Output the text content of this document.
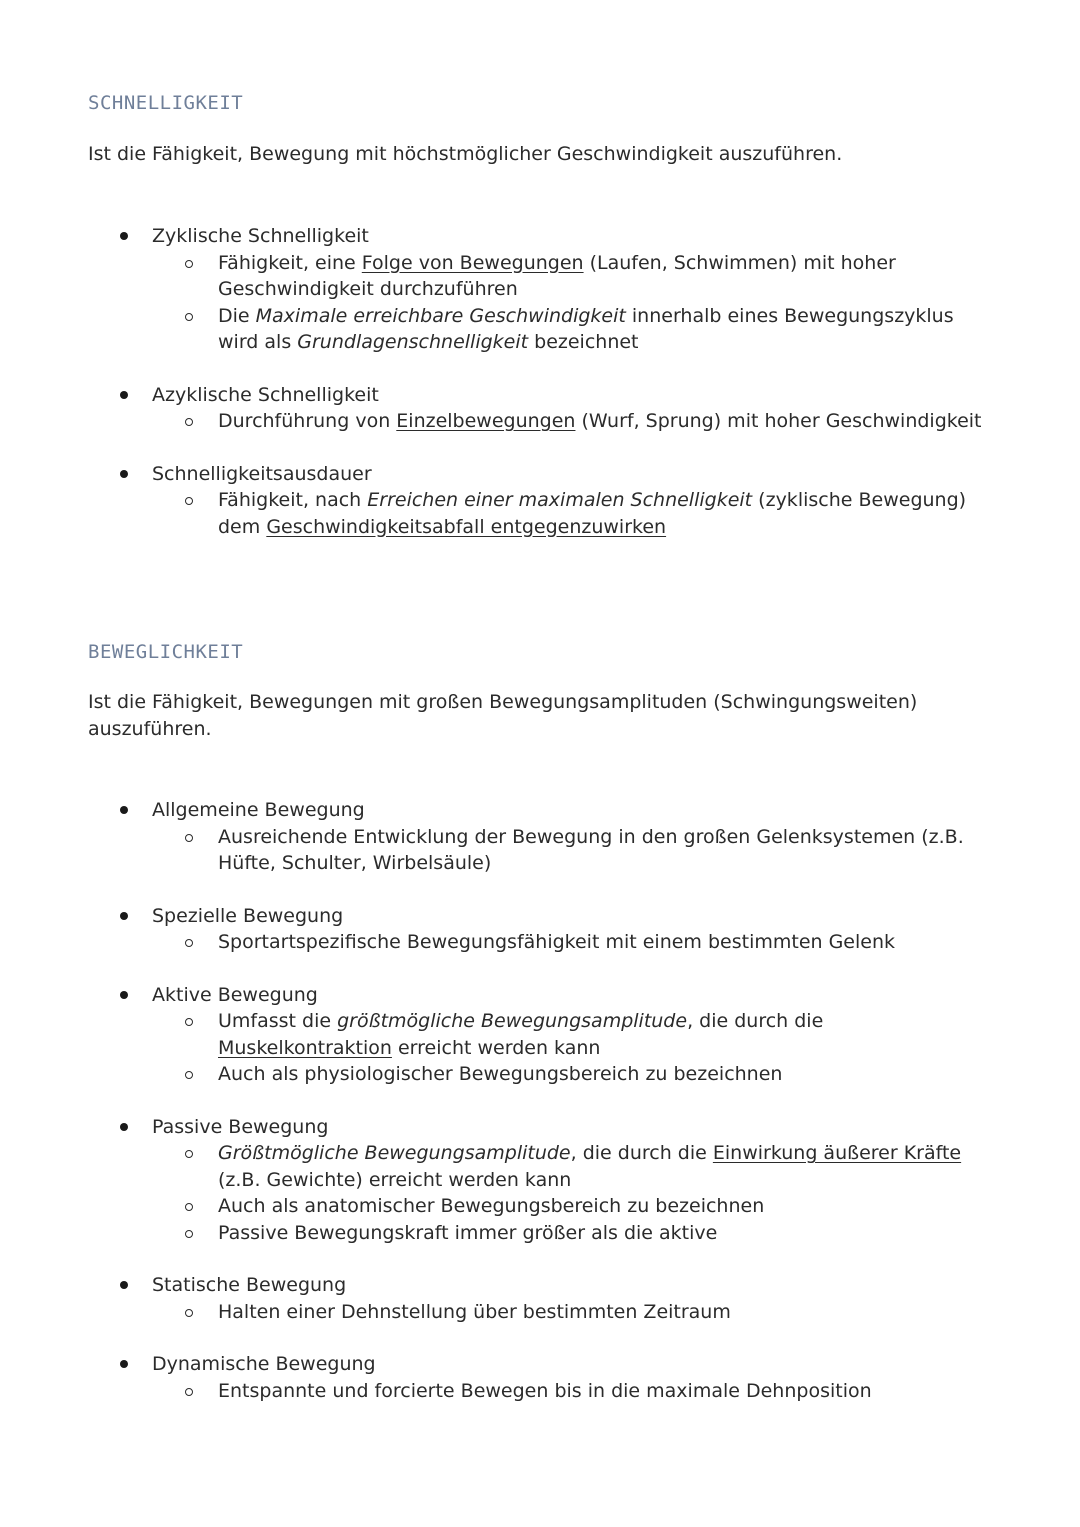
SCHNELLIGKEIT

Ist die Fähigkeit, Bewegung mit höchstmöglicher Geschwindigkeit auszuführen.

Zyklische Schnelligkeit
Fähigkeit, eine Folge von Bewegungen (Laufen, Schwimmen) mit hoher Geschwindigkeit durchzuführen
Die Maximale erreichbare Geschwindigkeit innerhalb eines Bewegungszyklus wird als Grundlagenschnelligkeit bezeichnet
Azyklische Schnelligkeit
Durchführung von Einzelbewegungen (Wurf, Sprung) mit hoher Geschwindigkeit
Schnelligkeitsausdauer
Fähigkeit, nach Erreichen einer maximalen Schnelligkeit (zyklische Bewegung) dem Geschwindigkeitsabfall entgegenzuwirken
BEWEGLICHKEIT

Ist die Fähigkeit, Bewegungen mit großen Bewegungsamplituden (Schwingungsweiten) auszuführen.

Allgemeine Bewegung
Ausreichende Entwicklung der Bewegung in den großen Gelenksystemen (z.B. Hüfte, Schulter, Wirbelsäule)
Spezielle Bewegung
Sportartspezifische Bewegungsfähigkeit mit einem bestimmten Gelenk
Aktive Bewegung
Umfasst die größtmögliche Bewegungsamplitude, die durch die Muskelkontraktion erreicht werden kann
Auch als physiologischer Bewegungsbereich zu bezeichnen
Passive Bewegung
Größtmögliche Bewegungsamplitude, die durch die Einwirkung äußerer Kräfte (z.B. Gewichte) erreicht werden kann
Auch als anatomischer Bewegungsbereich zu bezeichnen
Passive Bewegungskraft immer größer als die aktive
Statische Bewegung
Halten einer Dehnstellung über bestimmten Zeitraum
Dynamische Bewegung
Entspannte und forcierte Bewegen bis in die maximale Dehnposition
